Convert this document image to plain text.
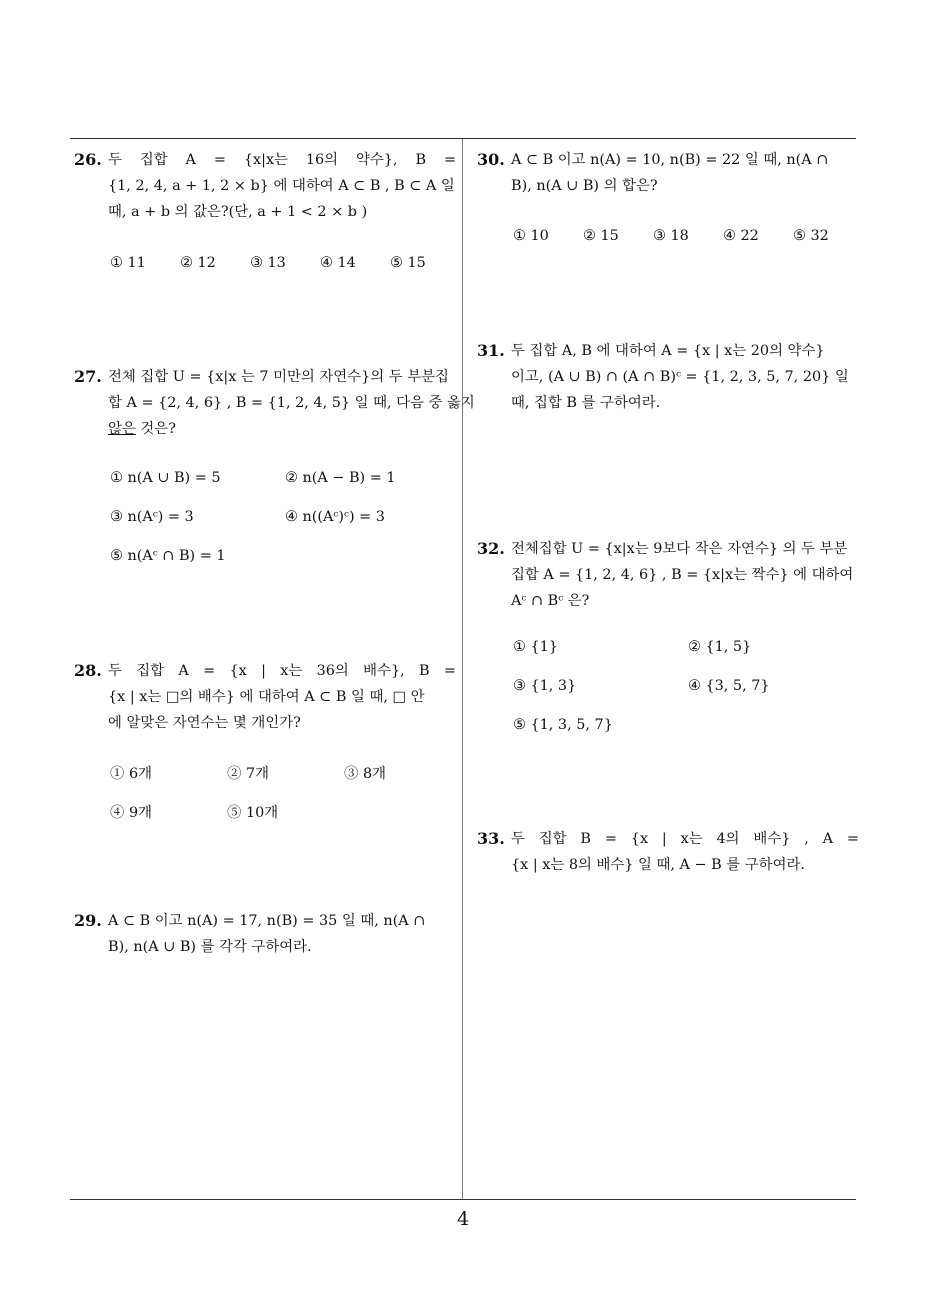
4
26. 두 집합 A = {x|x는 16의 약수}, B =
{1, 2, 4, a + 1, 2 × b} 에 대하여 A ⊂ B , B ⊂ A 일
때, a + b 의 값은?(단, a + 1 < 2 × b )
① 11 ② 12 ③ 13 ④ 14 ⑤ 15
27. 전체 집합 U = {x|x 는 7 미만의 자연수}의 두 부분집
합 A = {2, 4, 6} , B = {1, 2, 4, 5} 일 때, 다음 중 옳지
않은 것은?
① n(A ∪ B) = 5	② n(A − B) = 1
③ n(Aᶜ) = 3	④ n((Aᶜ)ᶜ) = 3
⑤ n(Aᶜ ∩ B) = 1
28. 두 집합 A = {x | x는 36의 배수}, B =
{x | x는 □의 배수} 에 대하여 A ⊂ B 일 때, □ 안
에 알맞은 자연수는 몇 개인가?
① 6개	② 7개	③ 8개
④ 9개	⑤ 10개
29. A ⊂ B 이고 n(A) = 17, n(B) = 35 일 때, n(A ∩
B), n(A ∪ B) 를 각각 구하여라.
30. A ⊂ B 이고 n(A) = 10, n(B) = 22 일 때, n(A ∩
B), n(A ∪ B) 의 합은?
① 10 ② 15 ③ 18 ④ 22 ⑤ 32
31. 두 집합 A, B 에 대하여 A = {x | x는 20의 약수}
이고, (A ∪ B) ∩ (A ∩ B)ᶜ = {1, 2, 3, 5, 7, 20} 일
때, 집합 B 를 구하여라.
32. 전체집합 U = {x|x는 9보다 작은 자연수} 의 두 부분
집합 A = {1, 2, 4, 6} , B = {x|x는 짝수} 에 대하여
Aᶜ ∩ Bᶜ 은?
① {1}	② {1, 5}
③ {1, 3}	④ {3, 5, 7}
⑤ {1, 3, 5, 7}
33. 두 집합 B = {x | x는 4의 배수} , A =
{x | x는 8의 배수} 일 때, A − B 를 구하여라.
